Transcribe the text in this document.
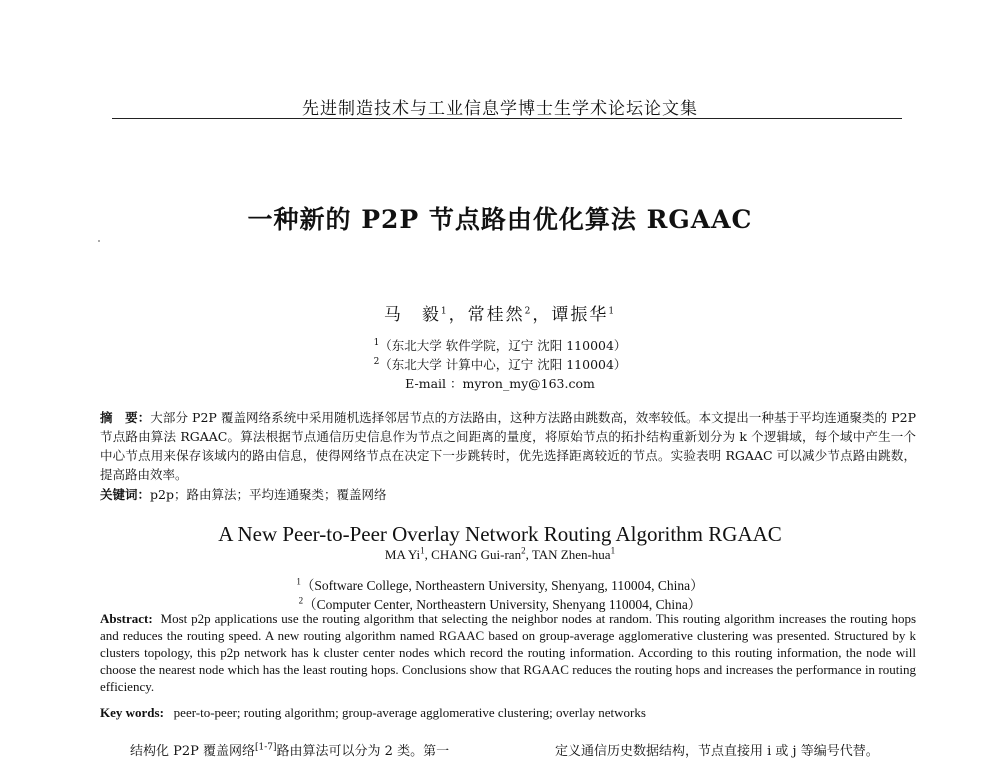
先进制造技术与工业信息学博士生学术论坛论文集
一种新的 P2P 节点路由优化算法 RGAAC
马　毅$^1$，常桂然$^2$，谭振华$^1$
$^1$（东北大学 软件学院，辽宁 沈阳 110004）
$^2$（东北大学 计算中心，辽宁 沈阳 110004）
E-mail ：myron_my@163.com
摘　要：大部分 P2P 覆盖网络系统中采用随机选择邻居节点的方法路由，这种方法路由跳数高，效率较低。本文提出一种基于平均连通聚类的 P2P 节点路由算法 RGAAC。算法根据节点通信历史信息作为节点之间距离的量度，将原始节点的拓扑结构重新划分为 k 个逻辑域，每个域中产生一个中心节点用来保存该域内的路由信息，使得网络节点在决定下一步跳转时，优先选择距离较近的节点。实验表明 RGAAC 可以减少节点路由跳数，提高路由效率。
关键词：p2p；路由算法；平均连通聚类；覆盖网络
A New Peer-to-Peer Overlay Network Routing Algorithm RGAAC
MA Yi$^1$, CHANG Gui-ran$^2$, TAN Zhen-hua$^1$
$^1$（Software College, Northeastern University, Shenyang, 110004, China）
$^2$（Computer Center, Northeastern University, Shenyang 110004, China）
Abstract: Most p2p applications use the routing algorithm that selecting the neighbor nodes at random. This routing algorithm increases the routing hops and reduces the routing speed. A new routing algorithm named RGAAC based on group-average agglomerative clustering was presented. Structured by k clusters topology, this p2p network has k cluster center nodes which record the routing information. According to this routing information, the node will choose the nearest node which has the least routing hops. Conclusions show that RGAAC reduces the routing hops and increases the performance in routing efficiency.
Key words: peer-to-peer; routing algorithm; group-average agglomerative clustering; overlay networks
结构化 P2P 覆盖网络[1-7]路由算法可以分为 2 类。第一	定义通信历史数据结构，节点直接用 i 或 j 等编号代替。
